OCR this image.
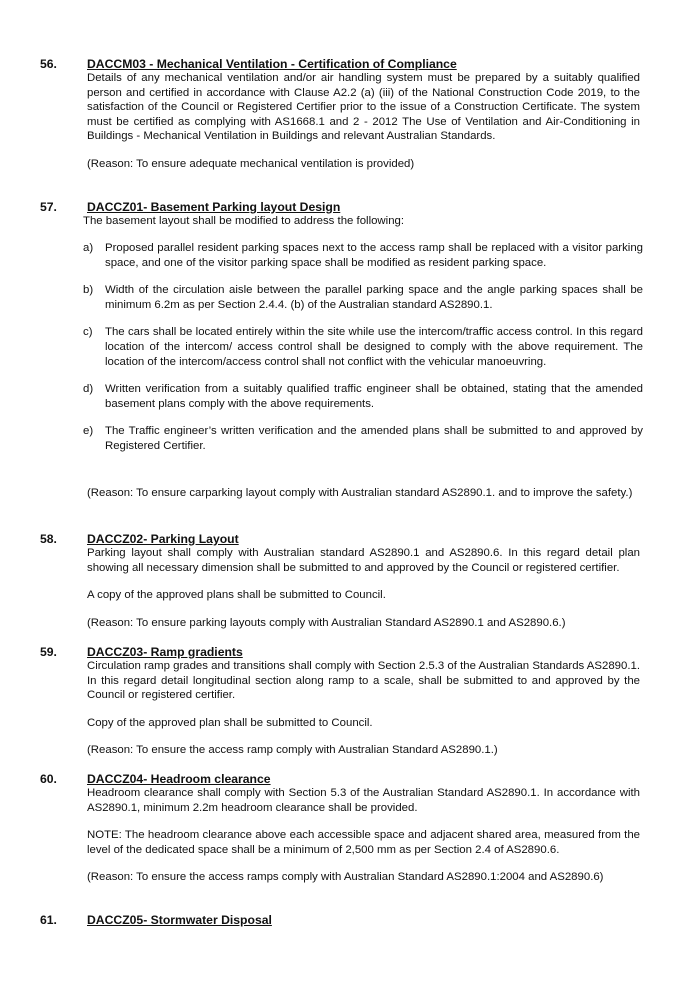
56. DACCM03 - Mechanical Ventilation - Certification of Compliance

Details of any mechanical ventilation and/or air handling system must be prepared by a suitably qualified person and certified in accordance with Clause A2.2 (a) (iii) of the National Construction Code 2019, to the satisfaction of the Council or Registered Certifier prior to the issue of a Construction Certificate. The system must be certified as complying with AS1668.1 and 2 - 2012 The Use of Ventilation and Air-Conditioning in Buildings - Mechanical Ventilation in Buildings and relevant Australian Standards.

(Reason: To ensure adequate mechanical ventilation is provided)

57. DACCZ01- Basement Parking layout Design

The basement layout shall be modified to address the following:

a) Proposed parallel resident parking spaces next to the access ramp shall be replaced with a visitor parking space, and one of the visitor parking space shall be modified as resident parking space.
b) Width of the circulation aisle between the parallel parking space and the angle parking spaces shall be minimum 6.2m as per Section 2.4.4. (b) of the Australian standard AS2890.1.
c) The cars shall be located entirely within the site while use the intercom/traffic access control. In this regard location of the intercom/ access control shall be designed to comply with the above requirement. The location of the intercom/access control shall not conflict with the vehicular manoeuvring.
d) Written verification from a suitably qualified traffic engineer shall be obtained, stating that the amended basement plans comply with the above requirements.
e) The Traffic engineer’s written verification and the amended plans shall be submitted to and approved by Registered Certifier.

(Reason: To ensure carparking layout comply with Australian standard AS2890.1. and to improve the safety.)

58. DACCZ02- Parking Layout

Parking layout shall comply with Australian standard AS2890.1 and AS2890.6. In this regard detail plan showing all necessary dimension shall be submitted to and approved by the Council or registered certifier.

A copy of the approved plans shall be submitted to Council.

(Reason: To ensure parking layouts comply with Australian Standard AS2890.1 and AS2890.6.)

59. DACCZ03- Ramp gradients

Circulation ramp grades and transitions shall comply with Section 2.5.3 of the Australian Standards AS2890.1. In this regard detail longitudinal section along ramp to a scale, shall be submitted to and approved by the Council or registered certifier.

Copy of the approved plan shall be submitted to Council.

(Reason: To ensure the access ramp comply with Australian Standard AS2890.1.)

60. DACCZ04- Headroom clearance

Headroom clearance shall comply with Section 5.3 of the Australian Standard AS2890.1. In accordance with AS2890.1, minimum 2.2m headroom clearance shall be provided.

NOTE: The headroom clearance above each accessible space and adjacent shared area, measured from the level of the dedicated space shall be a minimum of 2,500 mm as per Section 2.4 of AS2890.6.

(Reason: To ensure the access ramps comply with Australian Standard AS2890.1:2004 and AS2890.6)

61. DACCZ05- Stormwater Disposal
